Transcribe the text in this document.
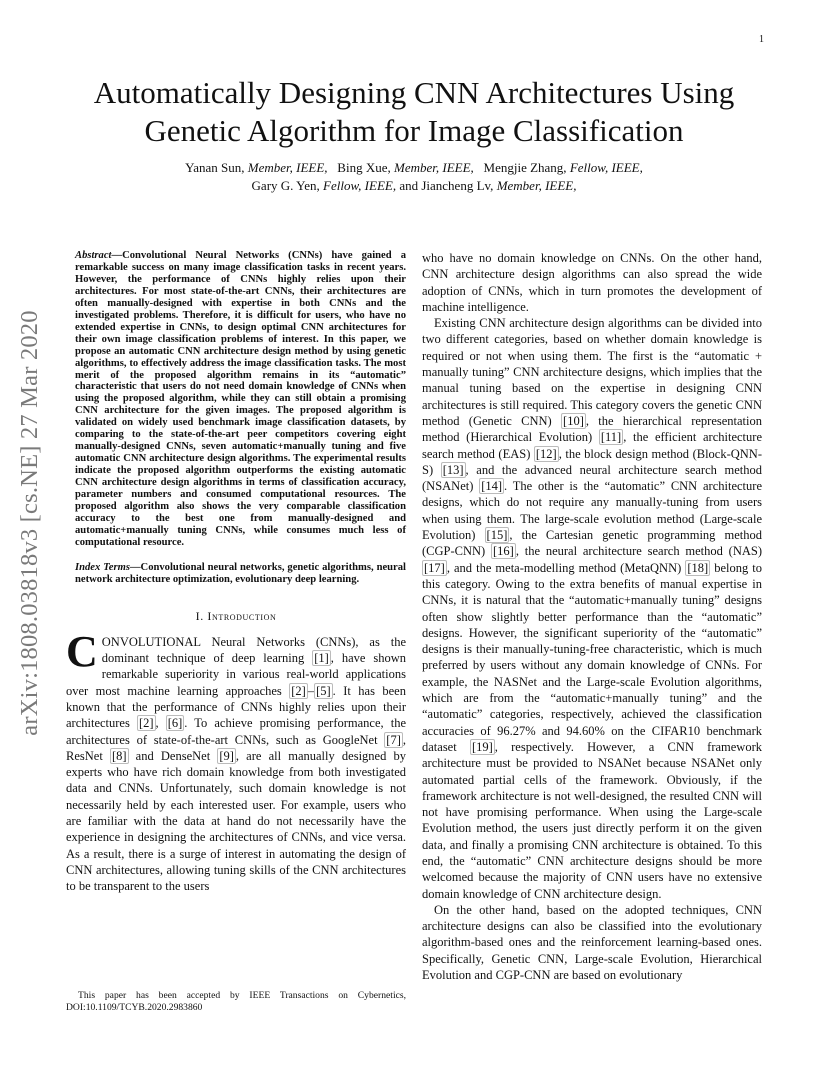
1
arXiv:1808.03818v3 [cs.NE] 27 Mar 2020
Automatically Designing CNN Architectures Using Genetic Algorithm for Image Classification
Yanan Sun, Member, IEEE, Bing Xue, Member, IEEE, Mengjie Zhang, Fellow, IEEE,
Gary G. Yen, Fellow, IEEE, and Jiancheng Lv, Member, IEEE,

Abstract—Convolutional Neural Networks (CNNs) have gained a remarkable success on many image classification tasks in recent years. However, the performance of CNNs highly relies upon their architectures. For most state-of-the-art CNNs, their architectures are often manually-designed with expertise in both CNNs and the investigated problems. Therefore, it is difficult for users, who have no extended expertise in CNNs, to design optimal CNN architectures for their own image classification problems of interest. In this paper, we propose an automatic CNN architecture design method by using genetic algorithms, to effectively address the image classification tasks. The most merit of the proposed algorithm remains in its “automatic” characteristic that users do not need domain knowledge of CNNs when using the proposed algorithm, while they can still obtain a promising CNN architecture for the given images. The proposed algorithm is validated on widely used benchmark image classification datasets, by comparing to the state-of-the-art peer competitors covering eight manually-designed CNNs, seven automatic+manually tuning and five automatic CNN architecture design algorithms. The experimental results indicate the proposed algorithm outperforms the existing automatic CNN architecture design algorithms in terms of classification accuracy, parameter numbers and consumed computational resources. The proposed algorithm also shows the very comparable classification accuracy to the best one from manually-designed and automatic+manually tuning CNNs, while consumes much less of computational resource.

Index Terms—Convolutional neural networks, genetic algorithms, neural network architecture optimization, evolutionary deep learning.

I. Introduction

CONVOLUTIONAL Neural Networks (CNNs), as the dominant technique of deep learning [1] , have shown remarkable superiority in various real-world applications over most machine learning approaches [2] – [5] . It has been known that the performance of CNNs highly relies upon their architectures [2] , [6] . To achieve promising performance, the architectures of state-of-the-art CNNs, such as GoogleNet [7] , ResNet [8] and DenseNet [9] , are all manually designed by experts who have rich domain knowledge from both investigated data and CNNs. Unfortunately, such domain knowledge is not necessarily held by each interested user. For example, users who are familiar with the data at hand do not necessarily have the experience in designing the architectures of CNNs, and vice versa. As a result, there is a surge of interest in automating the design of CNN architectures, allowing tuning skills of the CNN architectures to be transparent to the users

This paper has been accepted by IEEE Transactions on Cybernetics, DOI:10.1109/TCYB.2020.2983860

who have no domain knowledge on CNNs. On the other hand, CNN architecture design algorithms can also spread the wide adoption of CNNs, which in turn promotes the development of machine intelligence.

Existing CNN architecture design algorithms can be divided into two different categories, based on whether domain knowledge is required or not when using them. The first is the “automatic + manually tuning” CNN architecture designs, which implies that the manual tuning based on the expertise in designing CNN architectures is still required. This category covers the genetic CNN method (Genetic CNN) [10] , the hierarchical representation method (Hierarchical Evolution) [11] , the efficient architecture search method (EAS) [12] , the block design method (Block-QNN-S) [13] , and the advanced neural architecture search method (NSANet) [14] . The other is the “automatic” CNN architecture designs, which do not require any manually-tuning from users when using them. The large-scale evolution method (Large-scale Evolution) [15] , the Cartesian genetic programming method (CGP-CNN) [16] , the neural architecture search method (NAS) [17] , and the meta-modelling method (MetaQNN) [18] belong to this category. Owing to the extra benefits of manual expertise in CNNs, it is natural that the “automatic+manually tuning” designs often show slightly better performance than the “automatic” designs. However, the significant superiority of the “automatic” designs is their manually-tuning-free characteristic, which is much preferred by users without any domain knowledge of CNNs. For example, the NASNet and the Large-scale Evolution algorithms, which are from the “automatic+manually tuning” and the “automatic” categories, respectively, achieved the classification accuracies of 96.27% and 94.60% on the CIFAR10 benchmark dataset [19] , respectively. However, a CNN framework architecture must be provided to NSANet because NSANet only automated partial cells of the framework. Obviously, if the framework architecture is not well-designed, the resulted CNN will not have promising performance. When using the Large-scale Evolution method, the users just directly perform it on the given data, and finally a promising CNN architecture is obtained. To this end, the “automatic” CNN architecture designs should be more welcomed because the majority of CNN users have no extensive domain knowledge of CNN architecture design.

On the other hand, based on the adopted techniques, CNN architecture designs can also be classified into the evolutionary algorithm-based ones and the reinforcement learning-based ones. Specifically, Genetic CNN, Large-scale Evolution, Hierarchical Evolution and CGP-CNN are based on evolutionary
